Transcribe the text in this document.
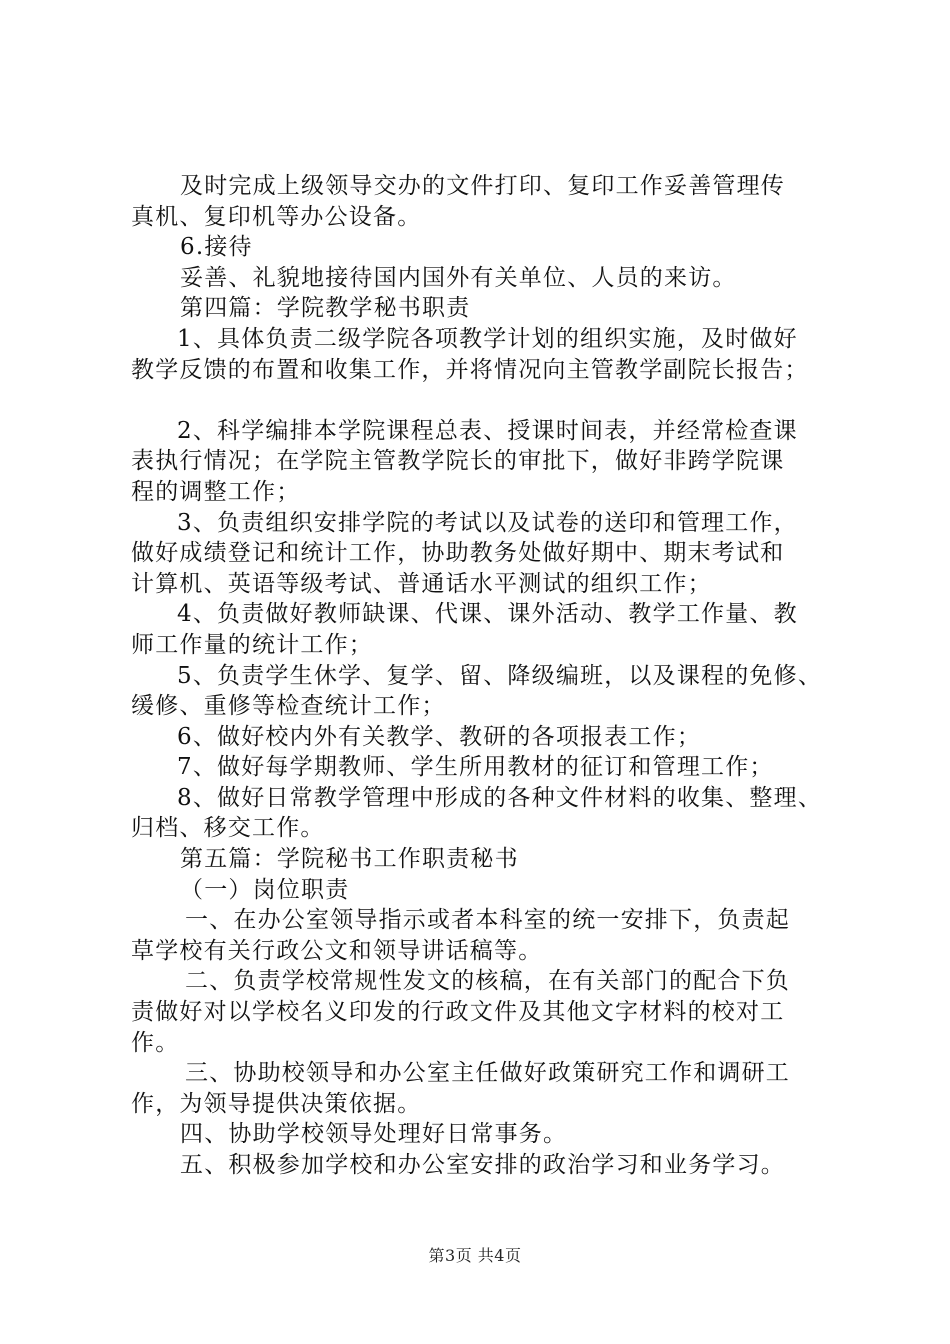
及时完成上级领导交办的文件打印、复印工作妥善管理传
真机、复印机等办公设备。
6.接待
妥善、礼貌地接待国内国外有关单位、人员的来访。
第四篇：学院教学秘书职责
1、具体负责二级学院各项教学计划的组织实施，及时做好
教学反馈的布置和收集工作，并将情况向主管教学副院长报告；
2、科学编排本学院课程总表、授课时间表，并经常检查课
表执行情况；在学院主管教学院长的审批下，做好非跨学院课
程的调整工作；
3、负责组织安排学院的考试以及试卷的送印和管理工作，
做好成绩登记和统计工作，协助教务处做好期中、期末考试和
计算机、英语等级考试、普通话水平测试的组织工作；
4、负责做好教师缺课、代课、课外活动、教学工作量、教
师工作量的统计工作；
5、负责学生休学、复学、留、降级编班，以及课程的免修、
缓修、重修等检查统计工作；
6、做好校内外有关教学、教研的各项报表工作；
7、做好每学期教师、学生所用教材的征订和管理工作；
8、做好日常教学管理中形成的各种文件材料的收集、整理、
归档、移交工作。
第五篇：学院秘书工作职责秘书
（一）岗位职责
一、在办公室领导指示或者本科室的统一安排下，负责起
草学校有关行政公文和领导讲话稿等。
二、负责学校常规性发文的核稿，在有关部门的配合下负
责做好对以学校名义印发的行政文件及其他文字材料的校对工
作。
三、协助校领导和办公室主任做好政策研究工作和调研工
作，为领导提供决策依据。
四、协助学校领导处理好日常事务。
五、积极参加学校和办公室安排的政治学习和业务学习。
第3页 共4页
